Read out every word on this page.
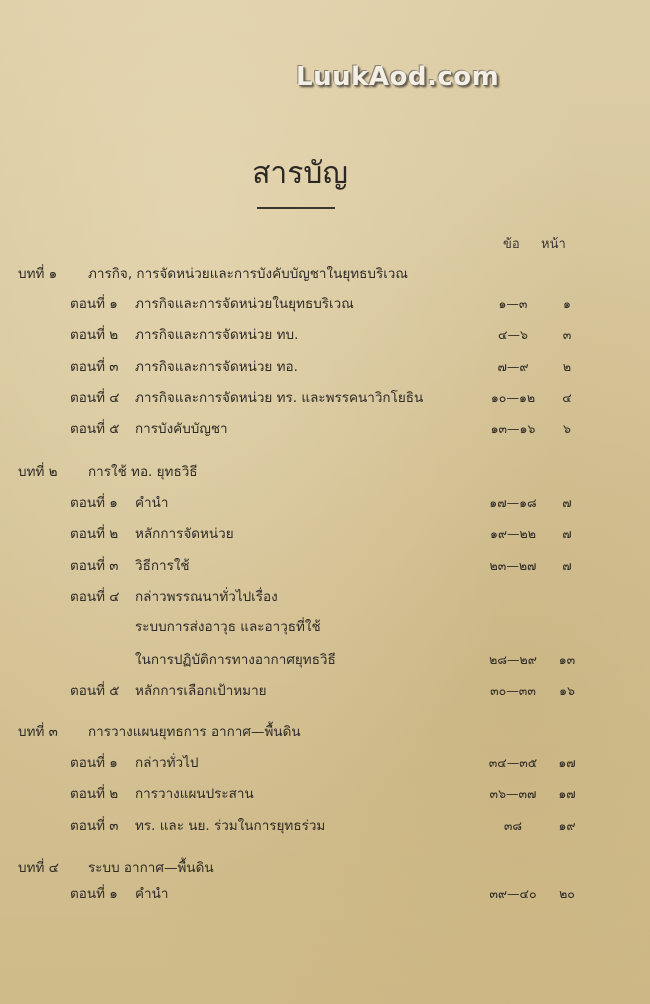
LuukAod.com
สารบัญ
ข้อ หน้า
บทที่ ๑ ภารกิจ, การจัดหน่วยและการบังคับบัญชาในยุทธบริเวณ
ตอนที่ ๑ ภารกิจและการจัดหน่วยในยุทธบริเวณ	๑—๓	๑
ตอนที่ ๒ ภารกิจและการจัดหน่วย ทบ.	๔—๖	๓
ตอนที่ ๓ ภารกิจและการจัดหน่วย ทอ.	๗—๙	๒
ตอนที่ ๔ ภารกิจและการจัดหน่วย ทร. และพรรคนาวิกโยธิน	๑๐—๑๒	๔
ตอนที่ ๕ การบังคับบัญชา	๑๓—๑๖	๖
บทที่ ๒ การใช้ ทอ. ยุทธวิธี
ตอนที่ ๑ คำนำ	๑๗—๑๘	๗
ตอนที่ ๒ หลักการจัดหน่วย	๑๙—๒๒	๗
ตอนที่ ๓ วิธีการใช้	๒๓—๒๗	๗
ตอนที่ ๔ กล่าวพรรณนาทั่วไปเรื่อง
ระบบการส่งอาวุธ และอาวุธที่ใช้
ในการปฏิบัติการทางอากาศยุทธวิธี	๒๘—๒๙	๑๓
ตอนที่ ๕ หลักการเลือกเป้าหมาย	๓๐—๓๓	๑๖
บทที่ ๓ การวางแผนยุทธการ อากาศ—พื้นดิน
ตอนที่ ๑ กล่าวทั่วไป	๓๔—๓๕	๑๗
ตอนที่ ๒ การวางแผนประสาน	๓๖—๓๗	๑๗
ตอนที่ ๓ ทร. และ นย. ร่วมในการยุทธร่วม	๓๘	๑๙
บทที่ ๔ ระบบ อากาศ—พื้นดิน
ตอนที่ ๑ คำนำ	๓๙—๔๐	๒๐
